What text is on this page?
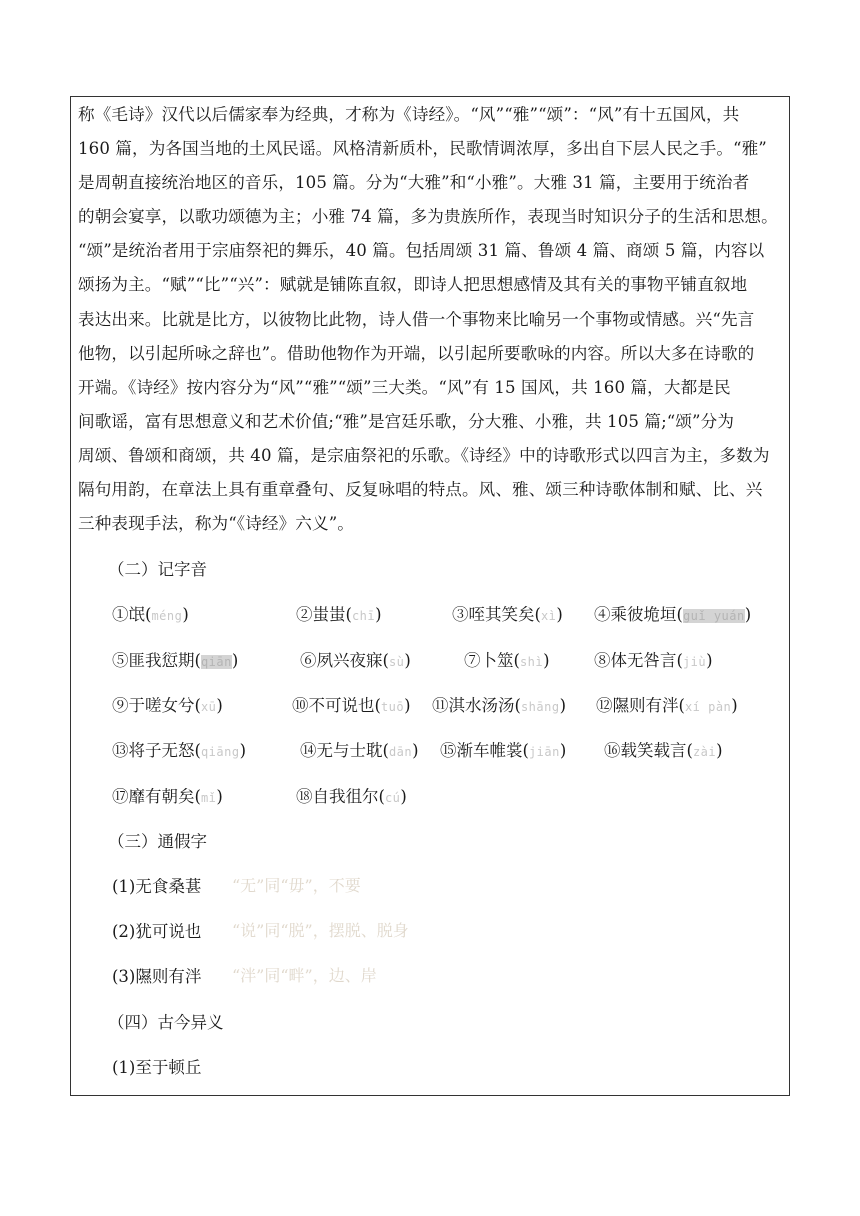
称《毛诗》汉代以后儒家奉为经典，才称为《诗经》。“风”“雅”“颂”：“风”有十五国风，共
160 篇，为各国当地的土风民谣。风格清新质朴，民歌情调浓厚，多出自下层人民之手。“雅”
是周朝直接统治地区的音乐，105 篇。分为“大雅”和“小雅”。大雅 31 篇，主要用于统治者
的朝会宴享，以歌功颂德为主；小雅 74 篇，多为贵族所作，表现当时知识分子的生活和思想。
“颂”是统治者用于宗庙祭祀的舞乐，40 篇。包括周颂 31 篇、鲁颂 4 篇、商颂 5 篇，内容以
颂扬为主。“赋”“比”“兴”：赋就是铺陈直叙，即诗人把思想感情及其有关的事物平铺直叙地
表达出来。比就是比方，以彼物比此物，诗人借一个事物来比喻另一个事物或情感。兴“先言
他物，以引起所咏之辞也”。借助他物作为开端，以引起所要歌咏的内容。所以大多在诗歌的
开端。《诗经》按内容分为“风”“雅”“颂”三大类。“风”有 15 国风，共 160 篇，大都是民
间歌谣，富有思想意义和艺术价值;“雅”是宫廷乐歌，分大雅、小雅，共 105 篇;“颂”分为
周颂、鲁颂和商颂，共 40 篇，是宗庙祭祀的乐歌。《诗经》中的诗歌形式以四言为主，多数为
隔句用韵，在章法上具有重章叠句、反复咏唱的特点。风、雅、颂三种诗歌体制和赋、比、兴
三种表现手法，称为“《诗经》六义”。
（二）记字音
①氓(méng)	②蚩蚩(chī)	③咥其笑矣(xì) ④乘彼垝垣(guǐ yuán)
⑤匪我愆期(qiān)	⑥夙兴夜寐(sù)	⑦卜筮(shì)	⑧体无咎言(jiù)
⑨于嗟女兮(xū)	⑩不可说也(tuō) ⑪淇水汤汤(shāng) ⑫隰则有泮(xí pàn)
⑬将子无怒(qiāng)	⑭无与士耽(dān) ⑮渐车帷裳(jiān) ⑯载笑载言(zài)
⑰靡有朝矣(mǐ)	⑱自我徂尔(cú)
（三）通假字
(1)无食桑葚 “无”同“毋”，不要
(2)犹可说也 “说”同“脱”，摆脱、脱身
(3)隰则有泮 “泮”同“畔”，边、岸
（四）古今异义
(1)至于顿丘
